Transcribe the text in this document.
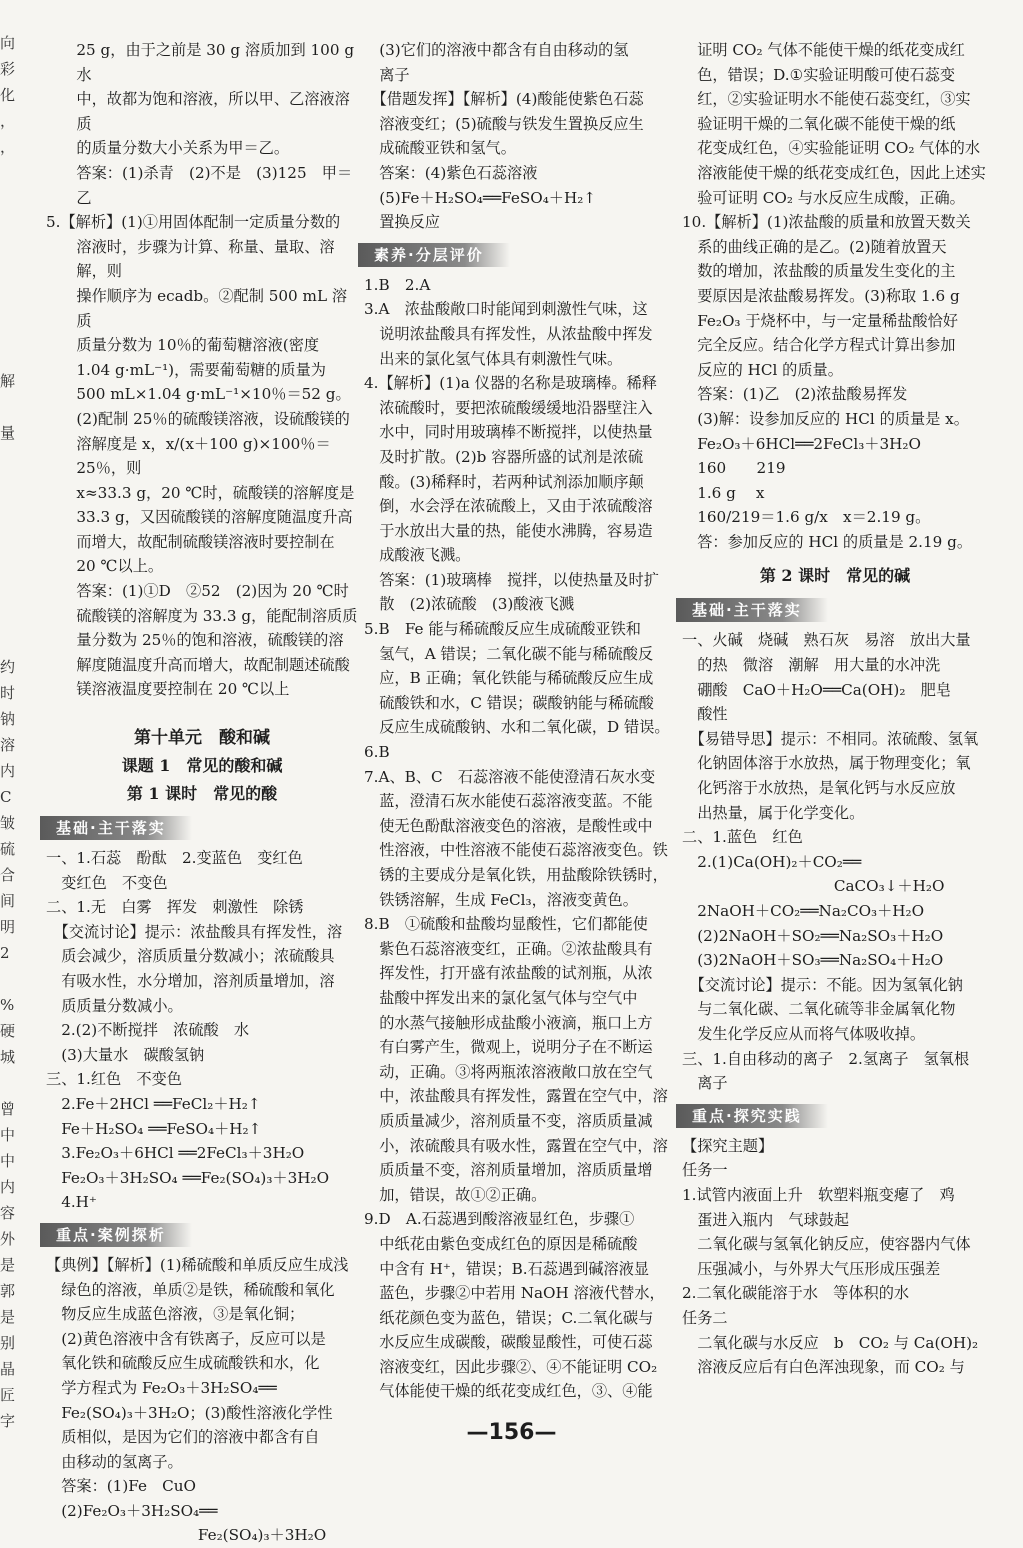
向
彩
化
，
，
解
量
约
时
钠
溶
内
C
皱
硫
合
间
明
2
%
硬
城
曾
中
中
内
容
外
是
郭
是
别
晶
匠
字

25 g，由于之前是 30 g 溶质加到 100 g 水

中，故都为饱和溶液，所以甲、乙溶液溶质

的质量分数大小关系为甲＝乙。

答案：(1)杀青　(2)不是　(3)125　甲＝乙

5.【解析】(1)①用固体配制一定质量分数的

溶液时，步骤为计算、称量、量取、溶解，则

操作顺序为 ecadb。②配制 500 mL 溶质

质量分数为 10％的葡萄糖溶液(密度

1.04 g·mL⁻¹)，需要葡萄糖的质量为

500 mL×1.04 g·mL⁻¹×10％＝52 g。

(2)配制 25％的硫酸镁溶液，设硫酸镁的

溶解度是 x，x/(x＋100 g)×100％＝25％，则

x≈33.3 g，20 ℃时，硫酸镁的溶解度是

33.3 g，又因硫酸镁的溶解度随温度升高

而增大，故配制硫酸镁溶液时要控制在

20 ℃以上。

答案：(1)①D　②52　(2)因为 20 ℃时

硫酸镁的溶解度为 33.3 g，能配制溶质质

量分数为 25％的饱和溶液，硫酸镁的溶

解度随温度升高而增大，故配制题述硫酸

镁溶液温度要控制在 20 ℃以上

第十单元　酸和碱

课题 1　常见的酸和碱

第 1 课时　常见的酸

基础·主干落实

一、1.石蕊　酚酞　2.变蓝色　变红色

　变红色　不变色

二、1.无　白雾　挥发　刺激性　除锈

　【交流讨论】提示：浓盐酸具有挥发性，溶

　质会减少，溶质质量分数减小；浓硫酸具

　有吸水性，水分增加，溶剂质量增加，溶

　质质量分数减小。

　2.(2)不断搅拌　浓硫酸　水

　(3)大量水　碳酸氢钠

三、1.红色　不变色

　2.Fe＋2HCl ══FeCl₂＋H₂↑

　Fe＋H₂SO₄ ══FeSO₄＋H₂↑

　3.Fe₂O₃＋6HCl ══2FeCl₃＋3H₂O

　Fe₂O₃＋3H₂SO₄ ══Fe₂(SO₄)₃＋3H₂O

　4.H⁺

重点·案例探析

【典例】【解析】(1)稀硫酸和单质反应生成浅

　绿色的溶液，单质②是铁，稀硫酸和氧化

　物反应生成蓝色溶液，③是氧化铜；

　(2)黄色溶液中含有铁离子，反应可以是

　氧化铁和硫酸反应生成硫酸铁和水，化

　学方程式为 Fe₂O₃＋3H₂SO₄══

　Fe₂(SO₄)₃＋3H₂O；(3)酸性溶液化学性

　质相似，是因为它们的溶液中都含有自

　由移动的氢离子。

　答案：(1)Fe　CuO

　(2)Fe₂O₃＋3H₂SO₄══

　　　　　　　　　　Fe₂(SO₄)₃＋3H₂O

　(3)它们的溶液中都含有自由移动的氢

　离子

　【借题发挥】【解析】(4)酸能使紫色石蕊

　溶液变红；(5)硫酸与铁发生置换反应生

　成硫酸亚铁和氢气。

　答案：(4)紫色石蕊溶液

　(5)Fe＋H₂SO₄══FeSO₄＋H₂↑

　置换反应

素养·分层评价

1.B　2.A

3.A　浓盐酸敞口时能闻到刺激性气味，这

　说明浓盐酸具有挥发性，从浓盐酸中挥发

　出来的氯化氢气体具有刺激性气味。

4.【解析】(1)a 仪器的名称是玻璃棒。稀释

　浓硫酸时，要把浓硫酸缓缓地沿器壁注入

　水中，同时用玻璃棒不断搅拌，以使热量

　及时扩散。(2)b 容器所盛的试剂是浓硫

　酸。(3)稀释时，若两种试剂添加顺序颠

　倒，水会浮在浓硫酸上，又由于浓硫酸溶

　于水放出大量的热，能使水沸腾，容易造

　成酸液飞溅。

　答案：(1)玻璃棒　搅拌，以使热量及时扩

　散　(2)浓硫酸　(3)酸液飞溅

5.B　Fe 能与稀硫酸反应生成硫酸亚铁和

　氢气，A 错误；二氧化碳不能与稀硫酸反

　应，B 正确；氧化铁能与稀硫酸反应生成

　硫酸铁和水，C 错误；碳酸钠能与稀硫酸

　反应生成硫酸钠、水和二氧化碳，D 错误。

6.B

7.A、B、C　石蕊溶液不能使澄清石灰水变

　蓝，澄清石灰水能使石蕊溶液变蓝。不能

　使无色酚酞溶液变色的溶液，是酸性或中

　性溶液，中性溶液不能使石蕊溶液变色。铁

　锈的主要成分是氧化铁，用盐酸除铁锈时，

　铁锈溶解，生成 FeCl₃，溶液变黄色。

8.B　①硫酸和盐酸均显酸性，它们都能使

　紫色石蕊溶液变红，正确。②浓盐酸具有

　挥发性，打开盛有浓盐酸的试剂瓶，从浓

　盐酸中挥发出来的氯化氢气体与空气中

　的水蒸气接触形成盐酸小液滴，瓶口上方

　有白雾产生，微观上，说明分子在不断运

　动，正确。③将两瓶浓溶液敞口放在空气

　中，浓盐酸具有挥发性，露置在空气中，溶

　质质量减少，溶剂质量不变，溶质质量减

　小，浓硫酸具有吸水性，露置在空气中，溶

　质质量不变，溶剂质量增加，溶质质量增

　加，错误，故①②正确。

9.D　A.石蕊遇到酸溶液显红色，步骤①

　中纸花由紫色变成红色的原因是稀硫酸

　中含有 H⁺，错误；B.石蕊遇到碱溶液显

　蓝色，步骤②中若用 NaOH 溶液代替水，

　纸花颜色变为蓝色，错误；C.二氧化碳与

　水反应生成碳酸，碳酸显酸性，可使石蕊

　溶液变红，因此步骤②、④不能证明 CO₂

　气体能使干燥的纸花变成红色，③、④能

　证明 CO₂ 气体不能使干燥的纸花变成红

　色，错误；D.①实验证明酸可使石蕊变

　红，②实验证明水不能使石蕊变红，③实

　验证明干燥的二氧化碳不能使干燥的纸

　花变成红色，④实验能证明 CO₂ 气体的水

　溶液能使干燥的纸花变成红色，因此上述实

　验可证明 CO₂ 与水反应生成酸，正确。

10.【解析】(1)浓盐酸的质量和放置天数关

　系的曲线正确的是乙。(2)随着放置天

　数的增加，浓盐酸的质量发生变化的主

　要原因是浓盐酸易挥发。(3)称取 1.6 g

　Fe₂O₃ 于烧杯中，与一定量稀盐酸恰好

　完全反应。结合化学方程式计算出参加

　反应的 HCl 的质量。

　答案：(1)乙　(2)浓盐酸易挥发

　(3)解：设参加反应的 HCl 的质量是 x。

　Fe₂O₃＋6HCl══2FeCl₃＋3H₂O

　160　　219

　1.6 g　 x

　160/219＝1.6 g/x　x＝2.19 g。

　答：参加反应的 HCl 的质量是 2.19 g。

第 2 课时　常见的碱

基础·主干落实

一、火碱　烧碱　熟石灰　易溶　放出大量

　的热　微溶　潮解　用大量的水冲洗

　硼酸　CaO＋H₂O══Ca(OH)₂　肥皂

　酸性

　【易错导思】提示：不相同。浓硫酸、氢氧

　化钠固体溶于水放热，属于物理变化；氧

　化钙溶于水放热，是氧化钙与水反应放

　出热量，属于化学变化。

二、1.蓝色　红色

　2.(1)Ca(OH)₂＋CO₂══

　　　　　　　　　　CaCO₃↓＋H₂O

　2NaOH＋CO₂══Na₂CO₃＋H₂O

　(2)2NaOH＋SO₂══Na₂SO₃＋H₂O

　(3)2NaOH＋SO₃══Na₂SO₄＋H₂O

　【交流讨论】提示：不能。因为氢氧化钠

　与二氧化碳、二氧化硫等非金属氧化物

　发生化学反应从而将气体吸收掉。

三、1.自由移动的离子　2.氢离子　氢氧根

　离子

重点·探究实践

【探究主题】

任务一

1.试管内液面上升　软塑料瓶变瘪了　鸡

　蛋进入瓶内　气球鼓起

　二氧化碳与氢氧化钠反应，使容器内气体

　压强减小，与外界大气压形成压强差

2.二氧化碳能溶于水　等体积的水

任务二

　二氧化碳与水反应　b　CO₂ 与 Ca(OH)₂

　溶液反应后有白色浑浊现象，而 CO₂ 与

—156—
